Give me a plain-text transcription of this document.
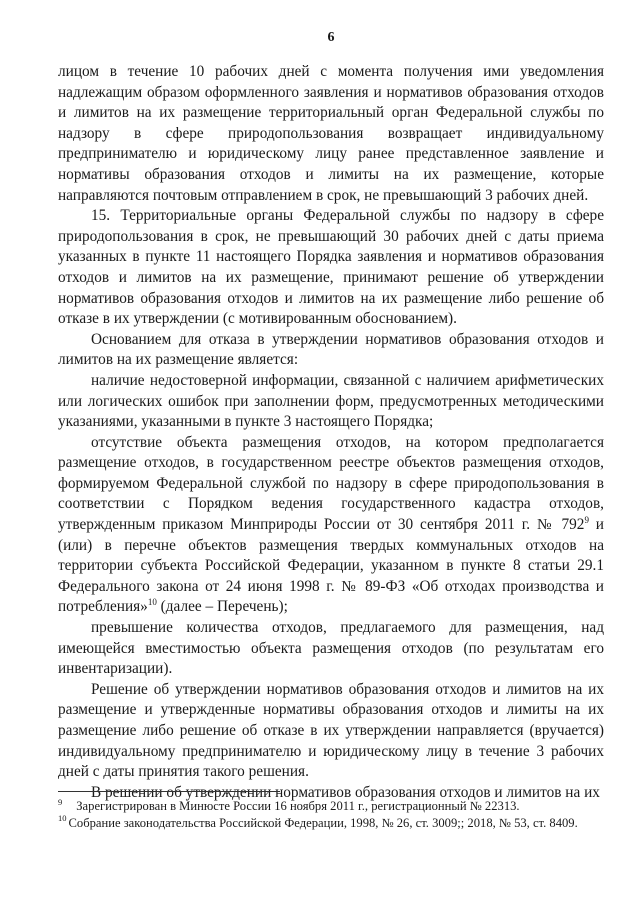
6

лицом в течение 10 рабочих дней с момента получения ими уведомления надлежащим образом оформленного заявления и нормативов образования отходов и лимитов на их размещение территориальный орган Федеральной службы по надзору в сфере природопользования возвращает индивидуальному предпринимателю и юридическому лицу ранее представленное заявление и нормативы образования отходов и лимиты на их размещение, которые направляются почтовым отправлением в срок, не превышающий 3 рабочих дней.

15. Территориальные органы Федеральной службы по надзору в сфере природопользования в срок, не превышающий 30 рабочих дней с даты приема указанных в пункте 11 настоящего Порядка заявления и нормативов образования отходов и лимитов на их размещение, принимают решение об утверждении нормативов образования отходов и лимитов на их размещение либо решение об отказе в их утверждении (с мотивированным обоснованием).

Основанием для отказа в утверждении нормативов образования отходов и лимитов на их размещение является:

наличие недостоверной информации, связанной с наличием арифметических или логических ошибок при заполнении форм, предусмотренных методическими указаниями, указанными в пункте 3 настоящего Порядка;

отсутствие объекта размещения отходов, на котором предполагается размещение отходов, в государственном реестре объектов размещения отходов, формируемом Федеральной службой по надзору в сфере природопользования в соответствии с Порядком ведения государственного кадастра отходов, утвержденным приказом Минприроды России от 30 сентября 2011 г. № $792^9$ и (или) в перечне объектов размещения твердых коммунальных отходов на территории субъекта Российской Федерации, указанном в пункте 8 статьи 29.1 Федерального закона от 24 июня 1998 г. № 89-ФЗ «Об отходах производства и потребления»$^{10}$ (далее – Перечень);

превышение количества отходов, предлагаемого для размещения, над имеющейся вместимостью объекта размещения отходов (по результатам его инвентаризации).

Решение об утверждении нормативов образования отходов и лимитов на их размещение и утвержденные нормативы образования отходов и лимиты на их размещение либо решение об отказе в их утверждении направляется (вручается) индивидуальному предпринимателю и юридическому лицу в течение 3 рабочих дней с даты принятия такого решения.

В решении об утверждении нормативов образования отходов и лимитов на их

$^9$ Зарегистрирован в Минюсте России 16 ноября 2011 г., регистрационный № 22313.

$^{10}$ Собрание законодательства Российской Федерации, 1998, № 26, ст. 3009;; 2018, № 53, ст. 8409.
